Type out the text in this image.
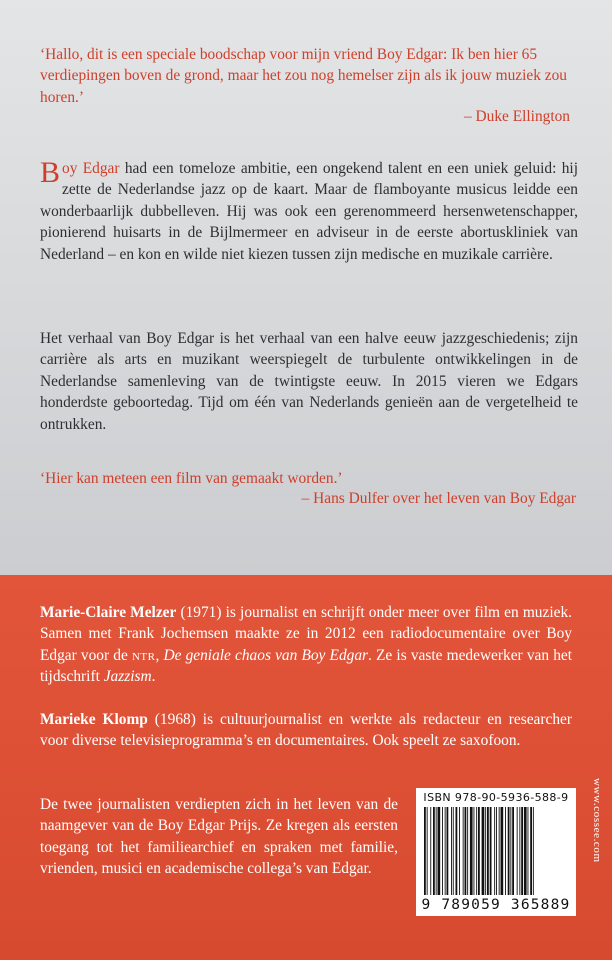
‘Hallo, dit is een speciale boodschap voor mijn vriend Boy Edgar: Ik ben hier 65 verdiepingen boven de grond, maar het zou nog hemelser zijn als ik jouw muziek zou horen.’

– Duke Ellington

Boy Edgar had een tomeloze ambitie, een ongekend talent en een uniek geluid: hij zette de Nederlandse jazz op de kaart. Maar de flamboyante musicus leidde een wonderbaarlijk dubbelleven. Hij was ook een gerenommeerd hersenwetenschapper, pionierend huisarts in de Bijlmermeer en adviseur in de eerste abortuskliniek van Nederland – en kon en wilde niet kiezen tussen zijn medische en muzikale carrière.

Het verhaal van Boy Edgar is het verhaal van een halve eeuw jazzgeschiedenis; zijn carrière als arts en muzikant weerspiegelt de turbulente ontwikkelingen in de Nederlandse samenleving van de twintigste eeuw. In 2015 vieren we Edgars honderdste geboortedag. Tijd om één van Nederlands genieën aan de vergetelheid te ontrukken.

‘Hier kan meteen een film van gemaakt worden.’

– Hans Dulfer over het leven van Boy Edgar

Marie-Claire Melzer (1971) is journalist en schrijft onder meer over film en muziek. Samen met Frank Jochemsen maakte ze in 2012 een radiodocumentaire over Boy Edgar voor de ntr, De geniale chaos van Boy Edgar. Ze is vaste medewerker van het tijdschrift Jazzism.

Marieke Klomp (1968) is cultuurjournalist en werkte als redacteur en researcher voor diverse televisieprogramma’s en documentaires. Ook speelt ze saxofoon.

De twee journalisten verdiepten zich in het leven van de naamgever van de Boy Edgar Prijs. Ze kregen als eersten toegang tot het familiearchief en spraken met familie, vrienden, musici en academische collega’s van Edgar.

ISBN 978-90-5936-588-9
9 789059 365889
www.cossee.com
